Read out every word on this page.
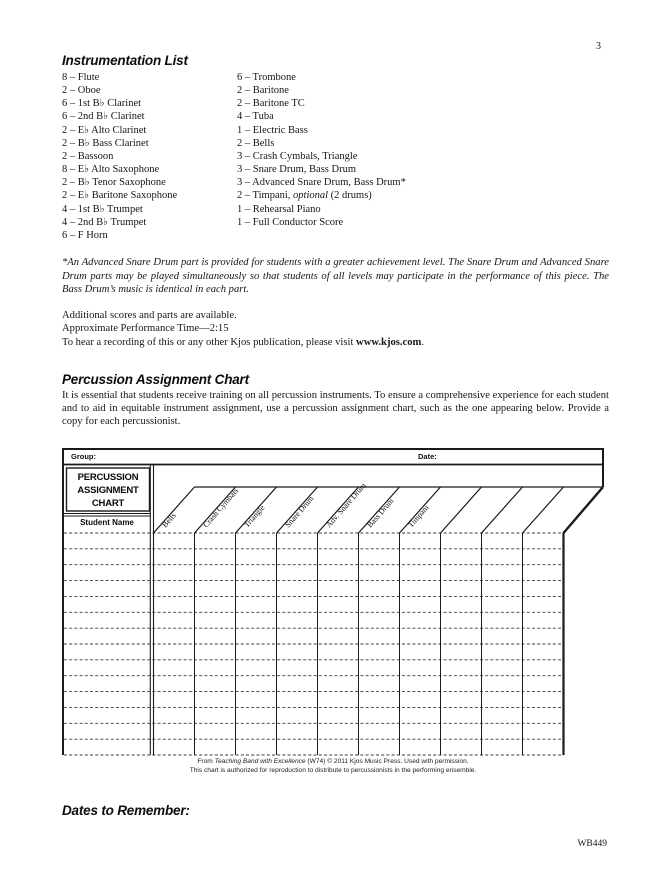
3
Instrumentation List
8 – Flute
2 – Oboe
6 – 1st B♭ Clarinet
6 – 2nd B♭ Clarinet
2 – E♭ Alto Clarinet
2 – B♭ Bass Clarinet
2 – Bassoon
8 – E♭ Alto Saxophone
2 – B♭ Tenor Saxophone
2 – E♭ Baritone Saxophone
4 – 1st B♭ Trumpet
4 – 2nd B♭ Trumpet
6 – F Horn
6 – Trombone
2 – Baritone
2 – Baritone TC
4 – Tuba
1 – Electric Bass
2 – Bells
3 – Crash Cymbals, Triangle
3 – Snare Drum, Bass Drum
3 – Advanced Snare Drum, Bass Drum*
2 – Timpani, optional (2 drums)
1 – Rehearsal Piano
1 – Full Conductor Score

*An Advanced Snare Drum part is provided for students with a greater achievement level. The Snare Drum and Advanced Snare Drum parts may be played simultaneously so that students of all levels may participate in the performance of this piece. The Bass Drum’s music is identical in each part.

Additional scores and parts are available.
Approximate Performance Time—2:15
To hear a recording of this or any other Kjos publication, please visit www.kjos.com.
Percussion Assignment Chart

It is essential that students receive training on all percussion instruments. To ensure a comprehensive experience for each student and to aid in equitable instrument assignment, use a percussion assignment chart, such as the one appearing below. Provide a copy for each percussionist.

Bells	Crash Cymbals Triangle Snare Drum Adv. Snare Drum
Bass Drum Timpani
Group:	Date:
PERCUSSION ASSIGNMENT CHART
Student Name
From Teaching Band with Excellence (W74) © 2011 Kjos Music Press. Used with permission.
This chart is authorized for reproduction to distribute to percussionists in the performing ensemble.
Dates to Remember:
WB449
